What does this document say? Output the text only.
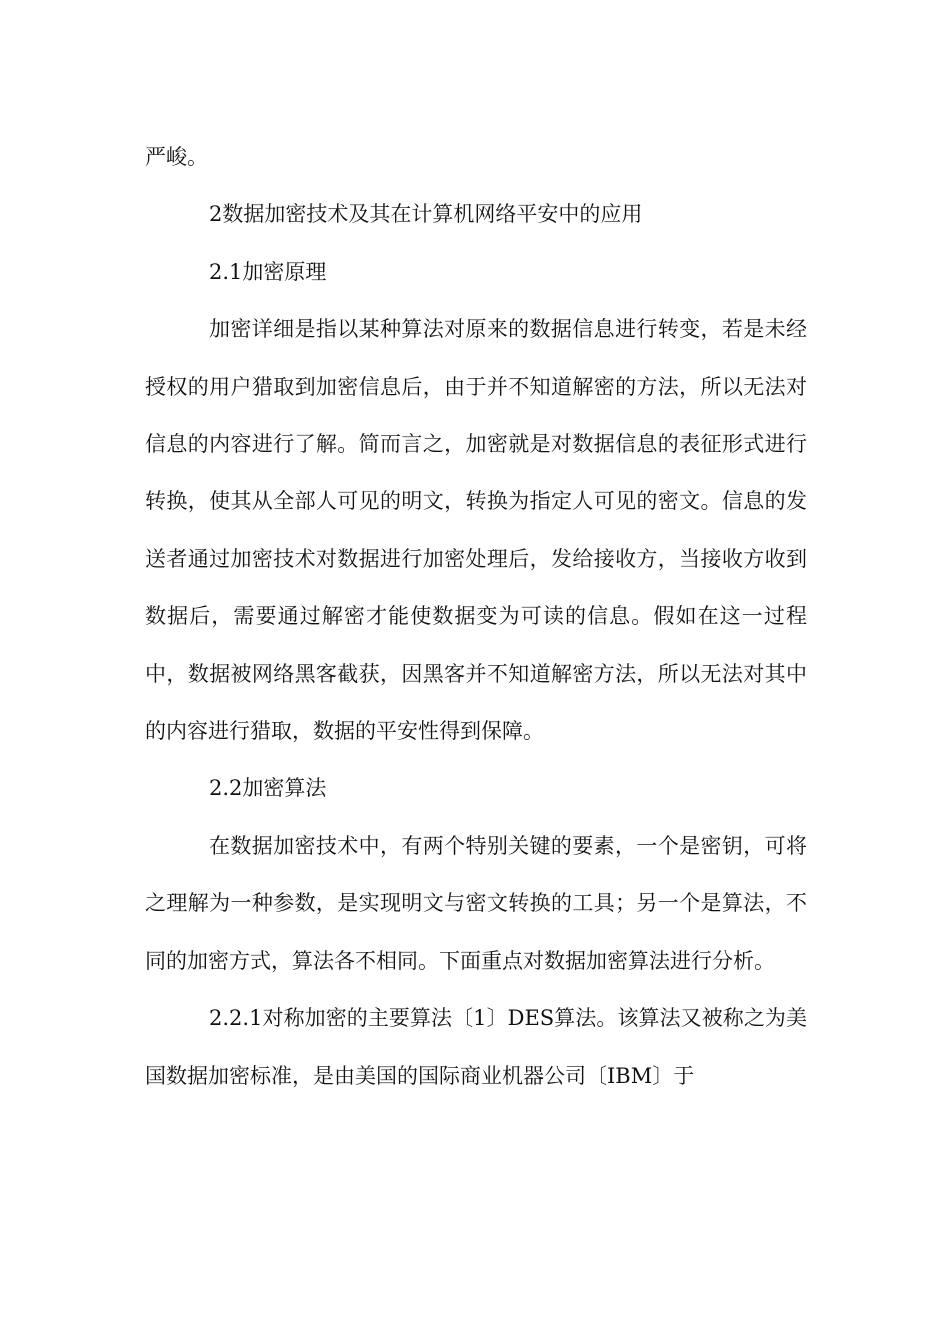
严峻。

2数据加密技术及其在计算机网络平安中的应用

2.1加密原理

加密详细是指以某种算法对原来的数据信息进行转变，若是未经授权的用户猎取到加密信息后，由于并不知道解密的方法，所以无法对信息的内容进行了解。简而言之，加密就是对数据信息的表征形式进行转换，使其从全部人可见的明文，转换为指定人可见的密文。信息的发送者通过加密技术对数据进行加密处理后，发给接收方，当接收方收到数据后，需要通过解密才能使数据变为可读的信息。假如在这一过程中，数据被网络黑客截获，因黑客并不知道解密方法，所以无法对其中的内容进行猎取，数据的平安性得到保障。

2.2加密算法

在数据加密技术中，有两个特别关键的要素，一个是密钥，可将之理解为一种参数，是实现明文与密文转换的工具；另一个是算法，不同的加密方式，算法各不相同。下面重点对数据加密算法进行分析。

2.2.1对称加密的主要算法〔1〕DES算法。该算法又被称之为美国数据加密标准，是由美国的国际商业机器公司〔IBM〕于
